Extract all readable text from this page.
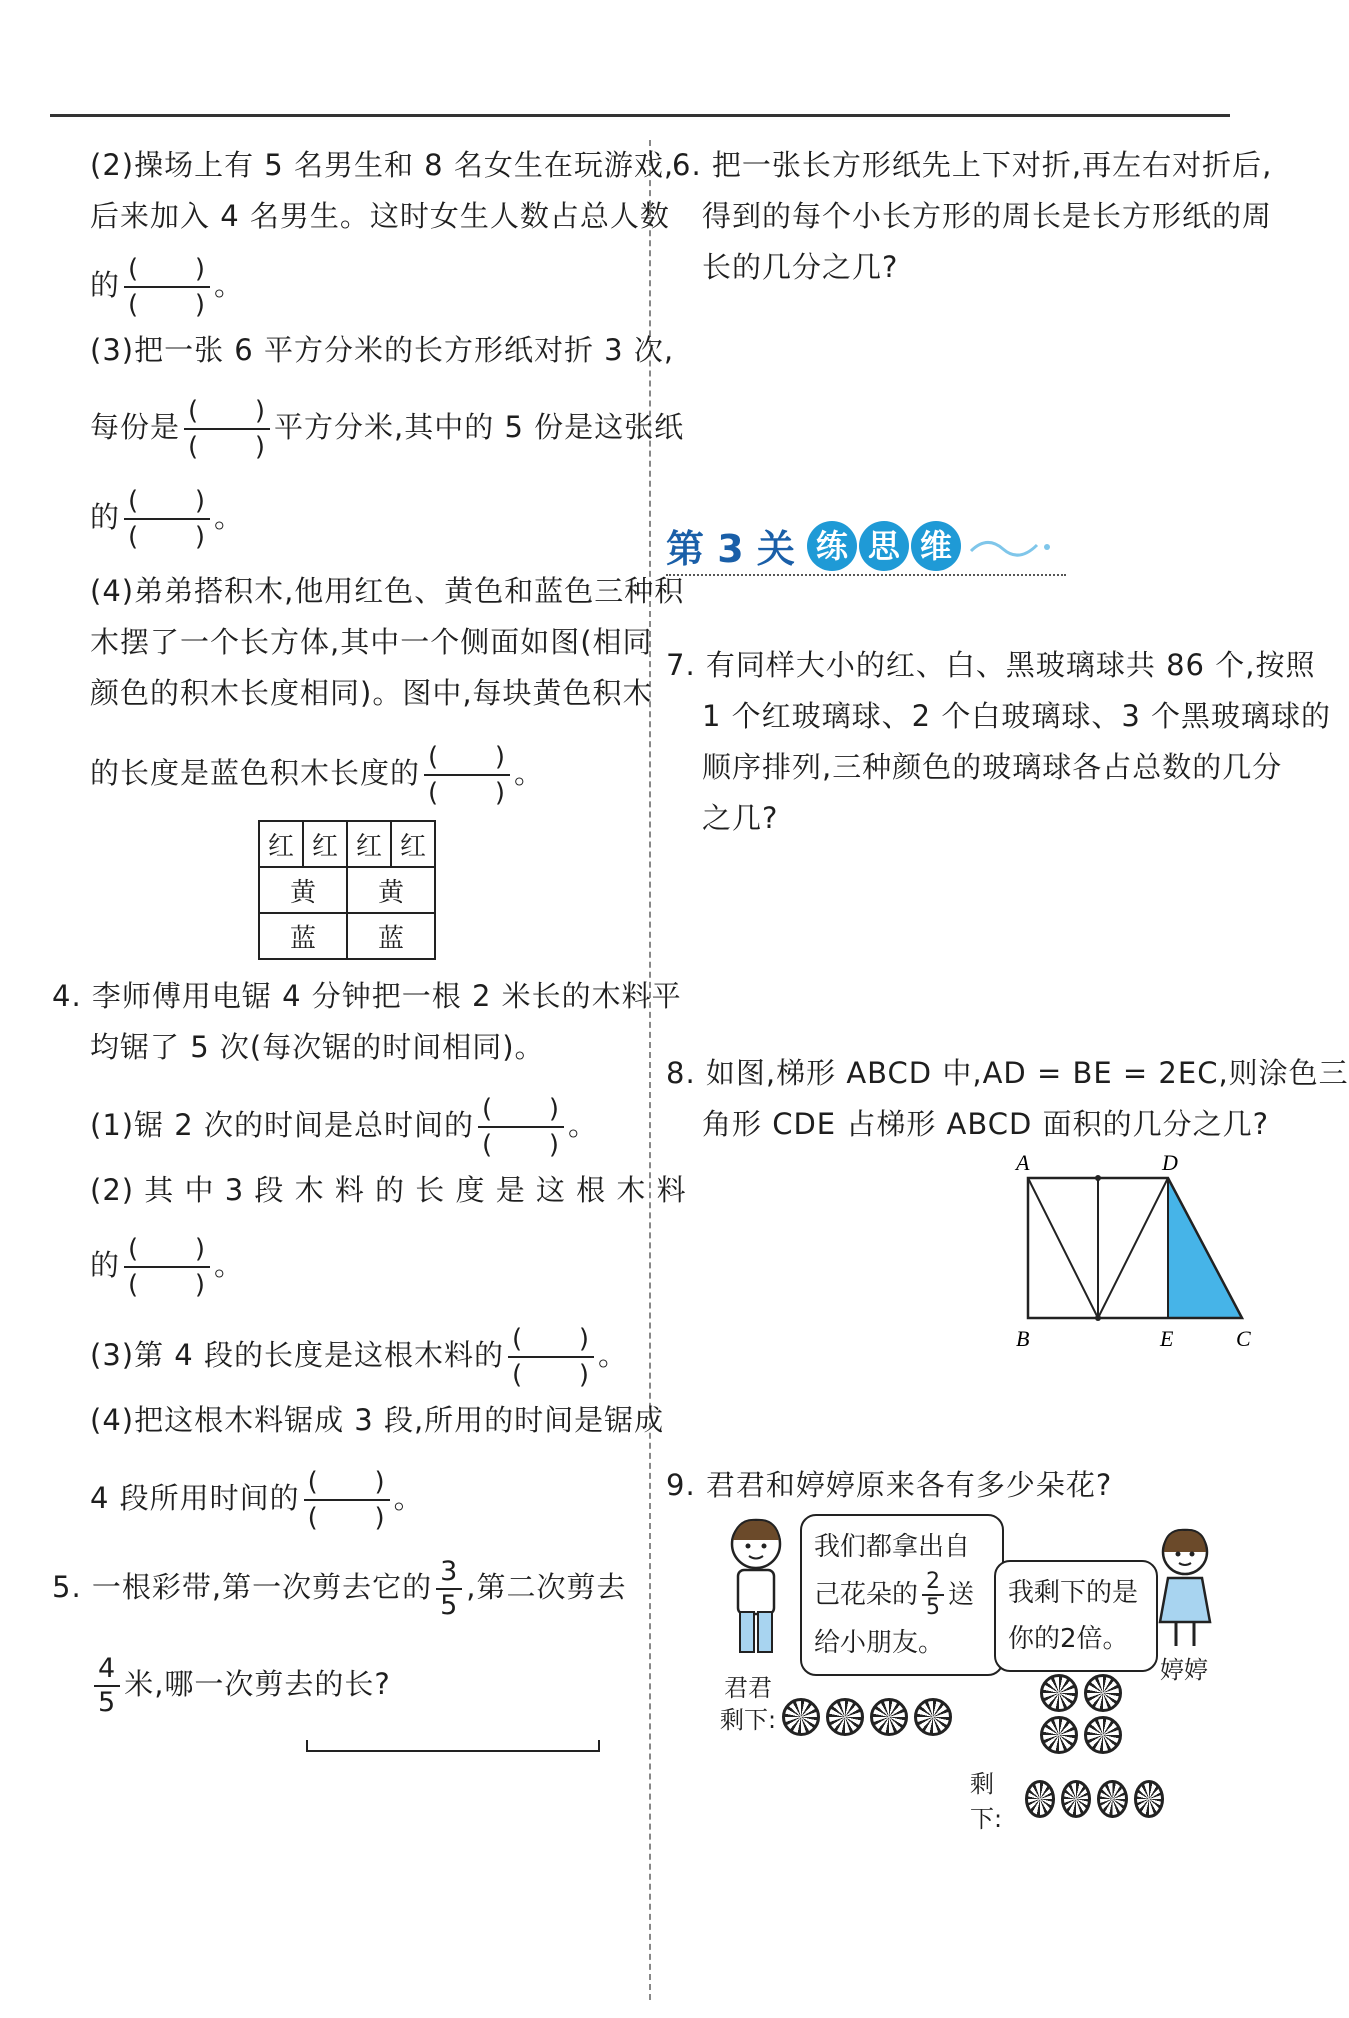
(2)操场上有 5 名男生和 8 名女生在玩游戏,
后来加入 4 名男生。这时女生人数占总人数
的 $\frac{( )}{( )}$ 。
(3)把一张 6 平方分米的长方形纸对折 3 次,
每份是 $\frac{( )}{( )}$ 平方分米,其中的 5 份是这张纸
的 $\frac{( )}{( )}$ 。
(4)弟弟搭积木,他用红色、黄色和蓝色三种积
木摆了一个长方体,其中一个侧面如图(相同
颜色的积木长度相同)。图中,每块黄色积木
的长度是蓝色积木长度的 $\frac{( )}{( )}$ 。
红	红	红	红
黄		黄	
蓝		蓝	
4. 李师傅用电锯 4 分钟把一根 2 米长的木料平
均锯了 5 次(每次锯的时间相同)。
(1)锯 2 次的时间是总时间的 $\frac{( )}{( )}$ 。
(2) 其 中 3 段 木 料 的 长 度 是 这 根 木 料
的 $\frac{( )}{( )}$ 。
(3)第 4 段的长度是这根木料的 $\frac{( )}{( )}$ 。
(4)把这根木料锯成 3 段,所用的时间是锯成
4 段所用时间的 $\frac{( )}{( )}$ 。
5. 一根彩带,第一次剪去它的 $\frac{3}{5}$ ,第二次剪去
$\frac{4}{5}$ 米,哪一次剪去的长?
6. 把一张长方形纸先上下对折,再左右对折后,
得到的每个小长方形的周长是长方形纸的周
长的几分之几?
第 3 关 练 思 维
7. 有同样大小的红、白、黑玻璃球共 86 个,按照
1 个红玻璃球、2 个白玻璃球、3 个黑玻璃球的
顺序排列,三种颜色的玻璃球各占总数的几分
之几?
8. 如图,梯形 ABCD 中,AD = BE = 2EC,则涂色三
角形 CDE 占梯形 ABCD 面积的几分之几?
A	D
B	E	C
9. 君君和婷婷原来各有多少朵花?
君君
我们都拿出自
己花朵的 $\frac{2}{5}$ 送
给小朋友。
我剩下的是
你的2倍。
婷婷
剩下:
剩下:
